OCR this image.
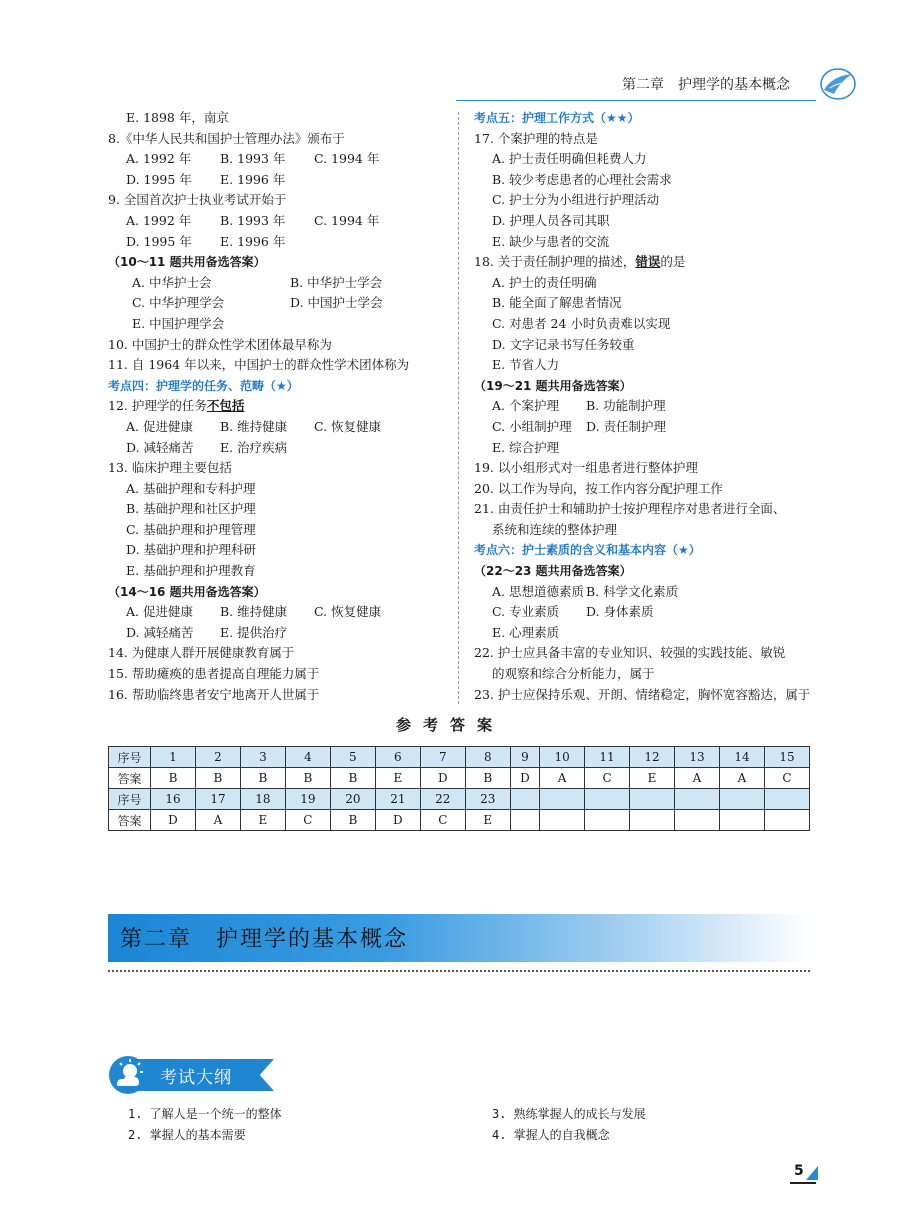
第二章　护理学的基本概念
E. 1898 年，南京
8.《中华人民共和国护士管理办法》颁布于
A. 1992 年 B. 1993 年 C. 1994 年
D. 1995 年 E. 1996 年
9. 全国首次护士执业考试开始于
A. 1992 年 B. 1993 年 C. 1994 年
D. 1995 年 E. 1996 年
（10～11 题共用备选答案）
A. 中华护士会	B. 中华护士学会
C. 中华护理学会	D. 中国护士学会
E. 中国护理学会
10. 中国护士的群众性学术团体最早称为
11. 自 1964 年以来，中国护士的群众性学术团体称为
考点四：护理学的任务、范畴（★）
12. 护理学的任务不包括
A. 促进健康 B. 维持健康 C. 恢复健康
D. 减轻痛苦 E. 治疗疾病
13. 临床护理主要包括
A. 基础护理和专科护理
B. 基础护理和社区护理
C. 基础护理和护理管理
D. 基础护理和护理科研
E. 基础护理和护理教育
（14～16 题共用备选答案）
A. 促进健康 B. 维持健康 C. 恢复健康
D. 减轻痛苦 E. 提供治疗
14. 为健康人群开展健康教育属于
15. 帮助瘫痪的患者提高自理能力属于
16. 帮助临终患者安宁地离开人世属于
考点五：护理工作方式（★★）
17. 个案护理的特点是
A. 护士责任明确但耗费人力
B. 较少考虑患者的心理社会需求
C. 护士分为小组进行护理活动
D. 护理人员各司其职
E. 缺少与患者的交流
18. 关于责任制护理的描述，错误的是
A. 护士的责任明确
B. 能全面了解患者情况
C. 对患者 24 小时负责难以实现
D. 文字记录书写任务较重
E. 节省人力
（19～21 题共用备选答案）
A. 个案护理 B. 功能制护理
C. 小组制护理 D. 责任制护理
E. 综合护理
19. 以小组形式对一组患者进行整体护理
20. 以工作为导向，按工作内容分配护理工作
21. 由责任护士和辅助护士按护理程序对患者进行全面、
系统和连续的整体护理
考点六：护士素质的含义和基本内容（★）
（22～23 题共用备选答案）
A. 思想道德素质 B. 科学文化素质
C. 专业素质 D. 身体素质
E. 心理素质
22. 护士应具备丰富的专业知识、较强的实践技能、敏锐
的观察和综合分析能力，属于
23. 护士应保持乐观、开朗、情绪稳定，胸怀宽容豁达，属于
参考答案
序号	1	2	3	4	5	6	7	8	9	10	11	12	13	14	15
答案	B	B	B	B	B	E	D	B	D	A	C	E	A	A	C
序号	16	17	18	19	20	21	22	23							
答案	D	A	E	C	B	D	C	E							
第二章　护理学的基本概念
考试大纲
1. 了解人是一个统一的整体
2. 掌握人的基本需要
3. 熟练掌握人的成长与发展
4. 掌握人的自我概念
5
